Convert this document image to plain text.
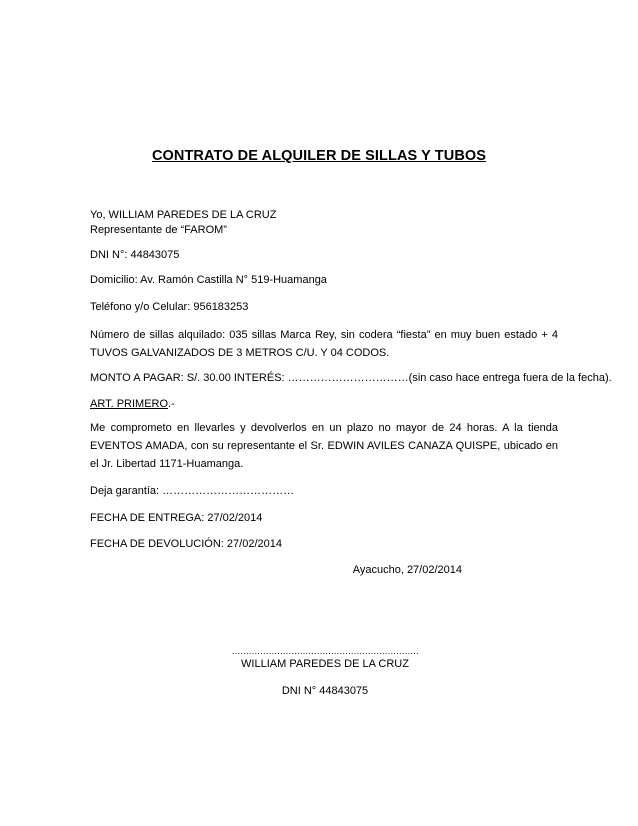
CONTRATO DE ALQUILER DE SILLAS Y TUBOS
Yo, WILLIAM PAREDES DE LA CRUZ
Representante de “FAROM”
DNI N°: 44843075
Domicilio: Av. Ramón Castilla N° 519-Huamanga
Teléfono y/o Celular: 956183253
Número de sillas alquilado: 035 sillas Marca Rey, sin codera “fiesta” en muy buen estado + 4 TUVOS GALVANIZADOS DE 3 METROS C/U. Y 04 CODOS.
MONTO A PAGAR: S/. 30.00 INTERÉS: ……………………………(sin caso hace entrega fuera de la fecha).
ART. PRIMERO.-
Me comprometo en llevarles y devolverlos en un plazo no mayor de 24 horas. A la tienda EVENTOS AMADA, con su representante el Sr. EDWIN AVILES CANAZA QUISPE, ubicado en el Jr. Libertad 1171-Huamanga.
Deja garantía: ………………………………
FECHA DE ENTREGA: 27/02/2014
FECHA DE DEVOLUCIÓN: 27/02/2014
Ayacucho, 27/02/2014
…………………………………………………………
WILLIAM PAREDES DE LA CRUZ
DNI N° 44843075
